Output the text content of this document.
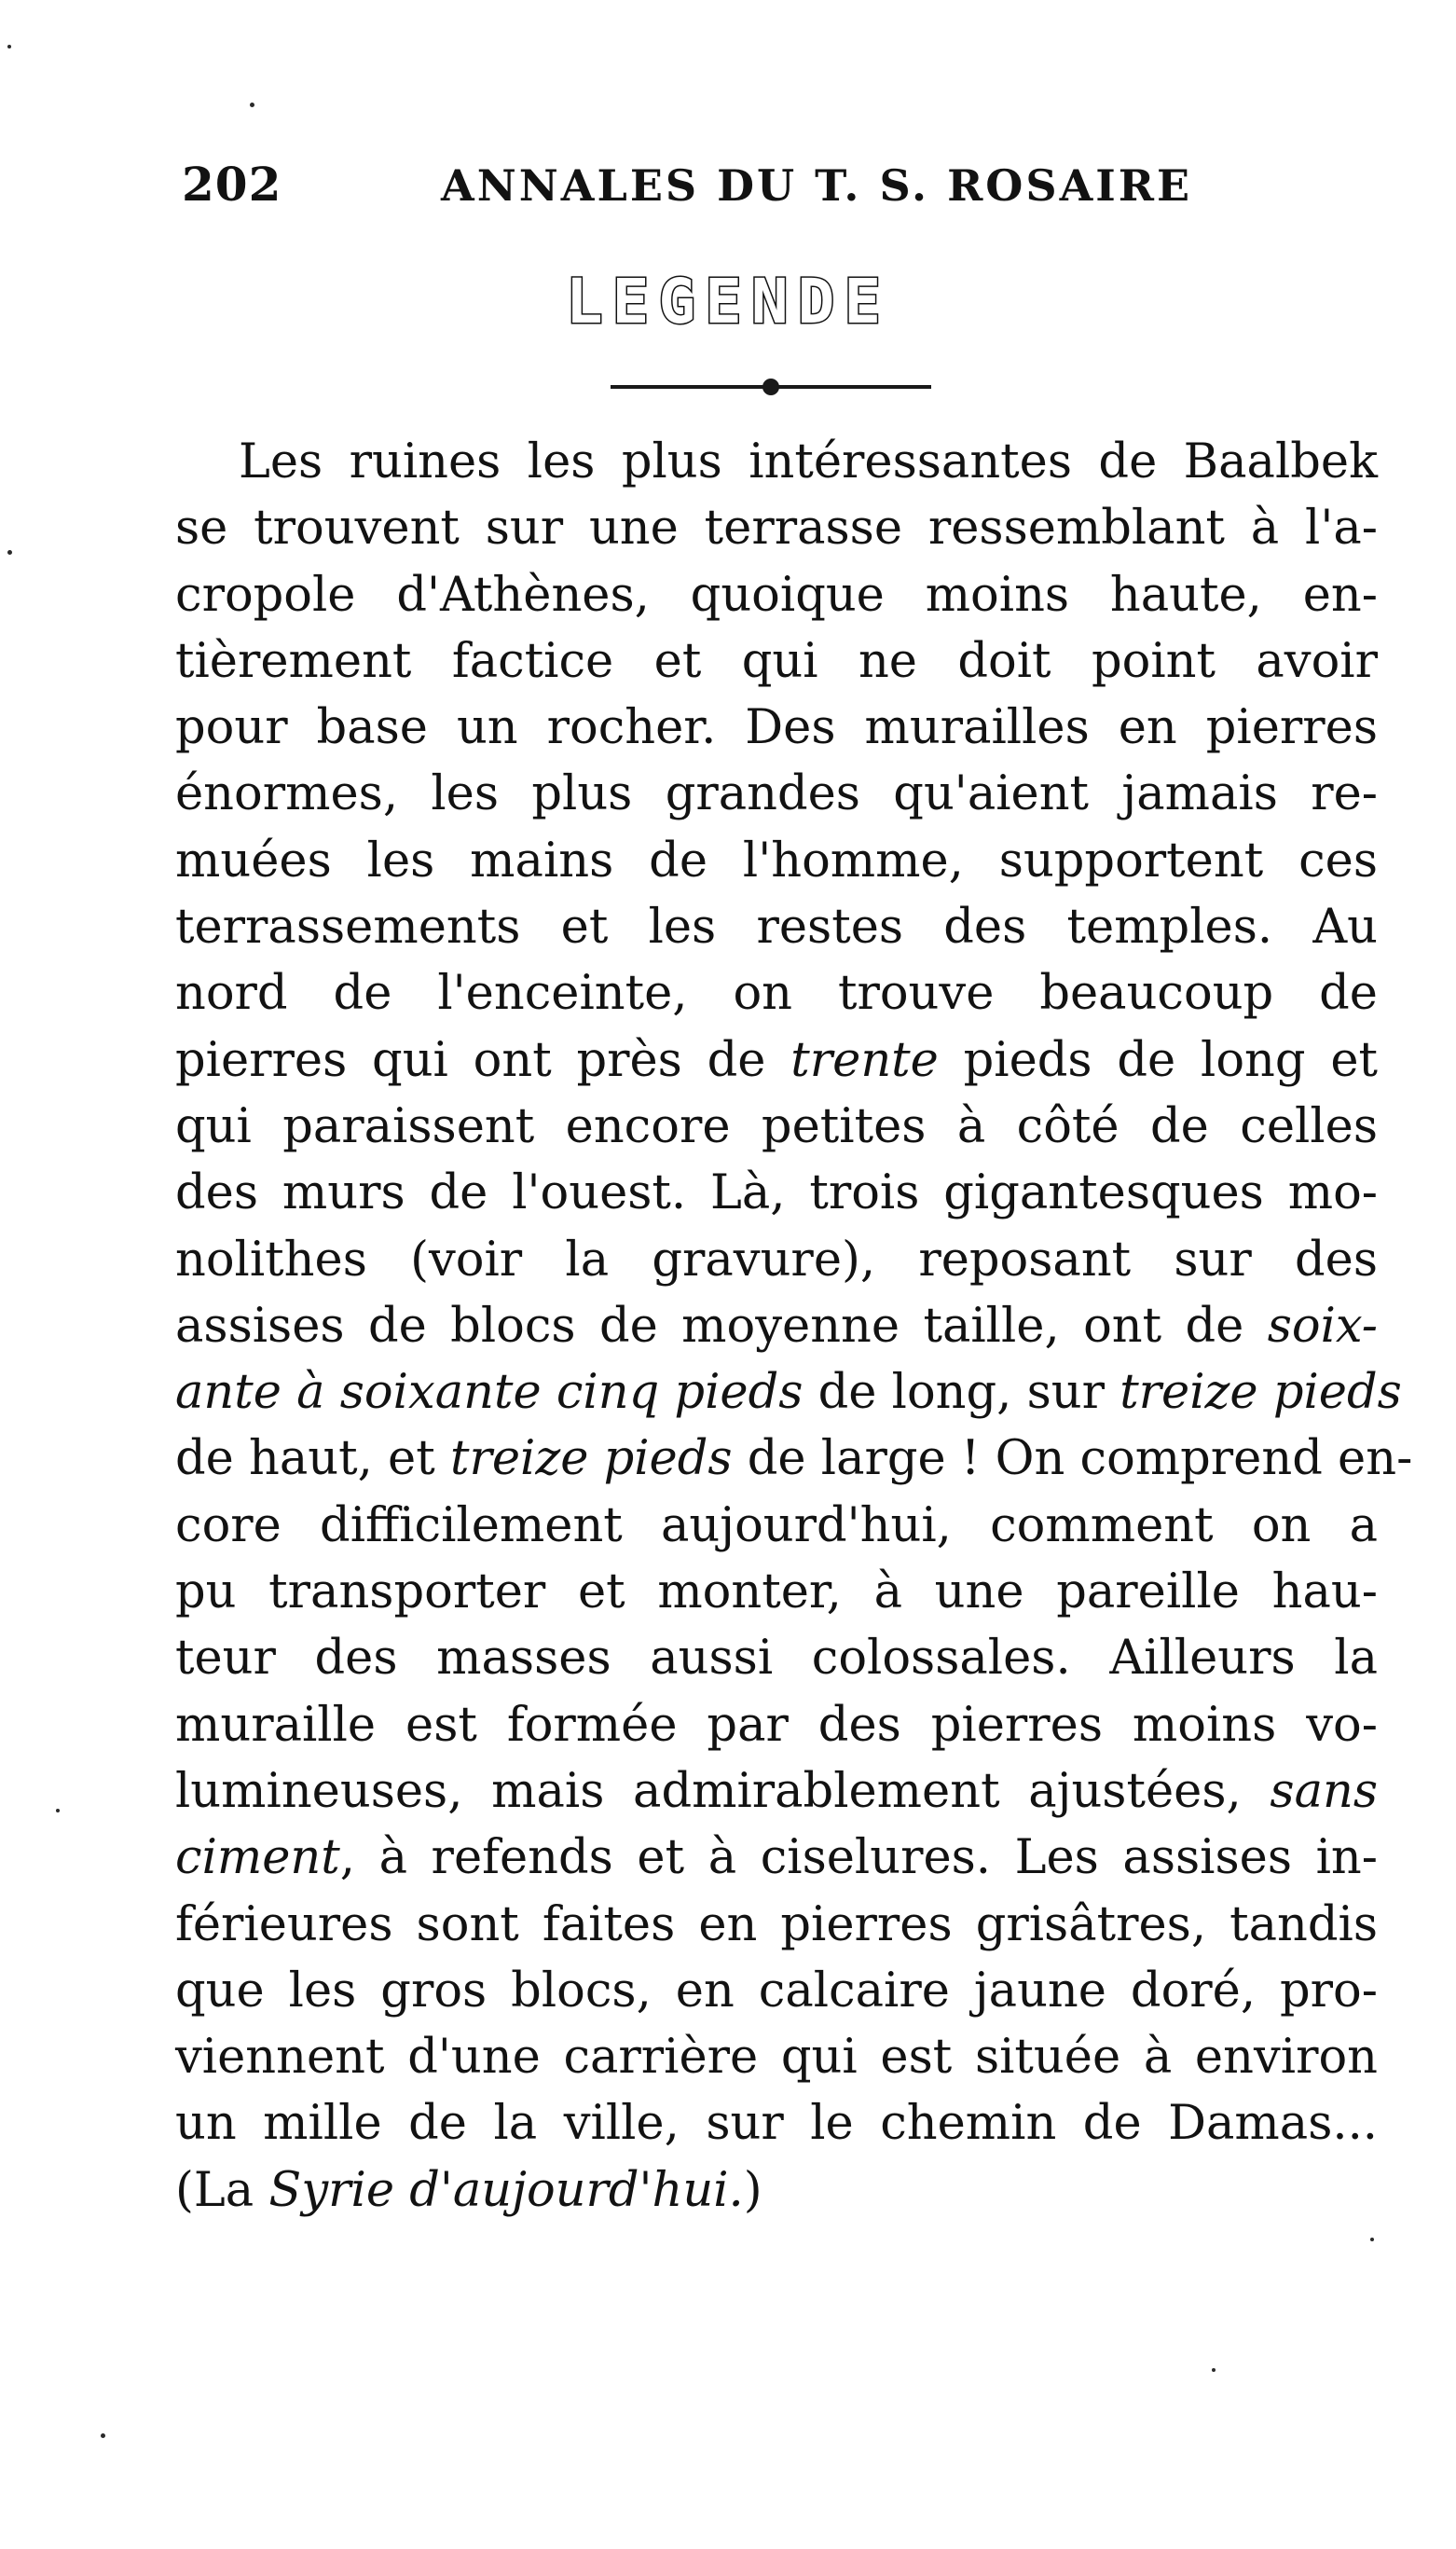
202	ANNALES DU T. S. ROSAIRE
LEGENDE
Les ruines les plus intéressantes de Baalbek
se trouvent sur une terrasse ressemblant à l'a-
cropole d'Athènes, quoique moins haute, en-
tièrement factice et qui ne doit point avoir
pour base un rocher. Des murailles en pierres
énormes, les plus grandes qu'aient jamais re-
muées les mains de l'homme, supportent ces
terrassements et les restes des temples. Au
nord de l'enceinte, on trouve beaucoup de
pierres qui ont près de trente pieds de long et
qui paraissent encore petites à côté de celles
des murs de l'ouest. Là, trois gigantesques mo-
nolithes (voir la gravure), reposant sur des
assises de blocs de moyenne taille, ont de soix-
ante à soixante cinq pieds de long, sur treize pieds
de haut, et treize pieds de large ! On comprend en-
core difficilement aujourd'hui, comment on a
pu transporter et monter, à une pareille hau-
teur des masses aussi colossales. Ailleurs la
muraille est formée par des pierres moins vo-
lumineuses, mais admirablement ajustées, sans
ciment, à refends et à ciselures. Les assises in-
férieures sont faites en pierres grisâtres, tandis
que les gros blocs, en calcaire jaune doré, pro-
viennent d'une carrière qui est située à environ
un mille de la ville, sur le chemin de Damas...
(La Syrie d'aujourd'hui.)
